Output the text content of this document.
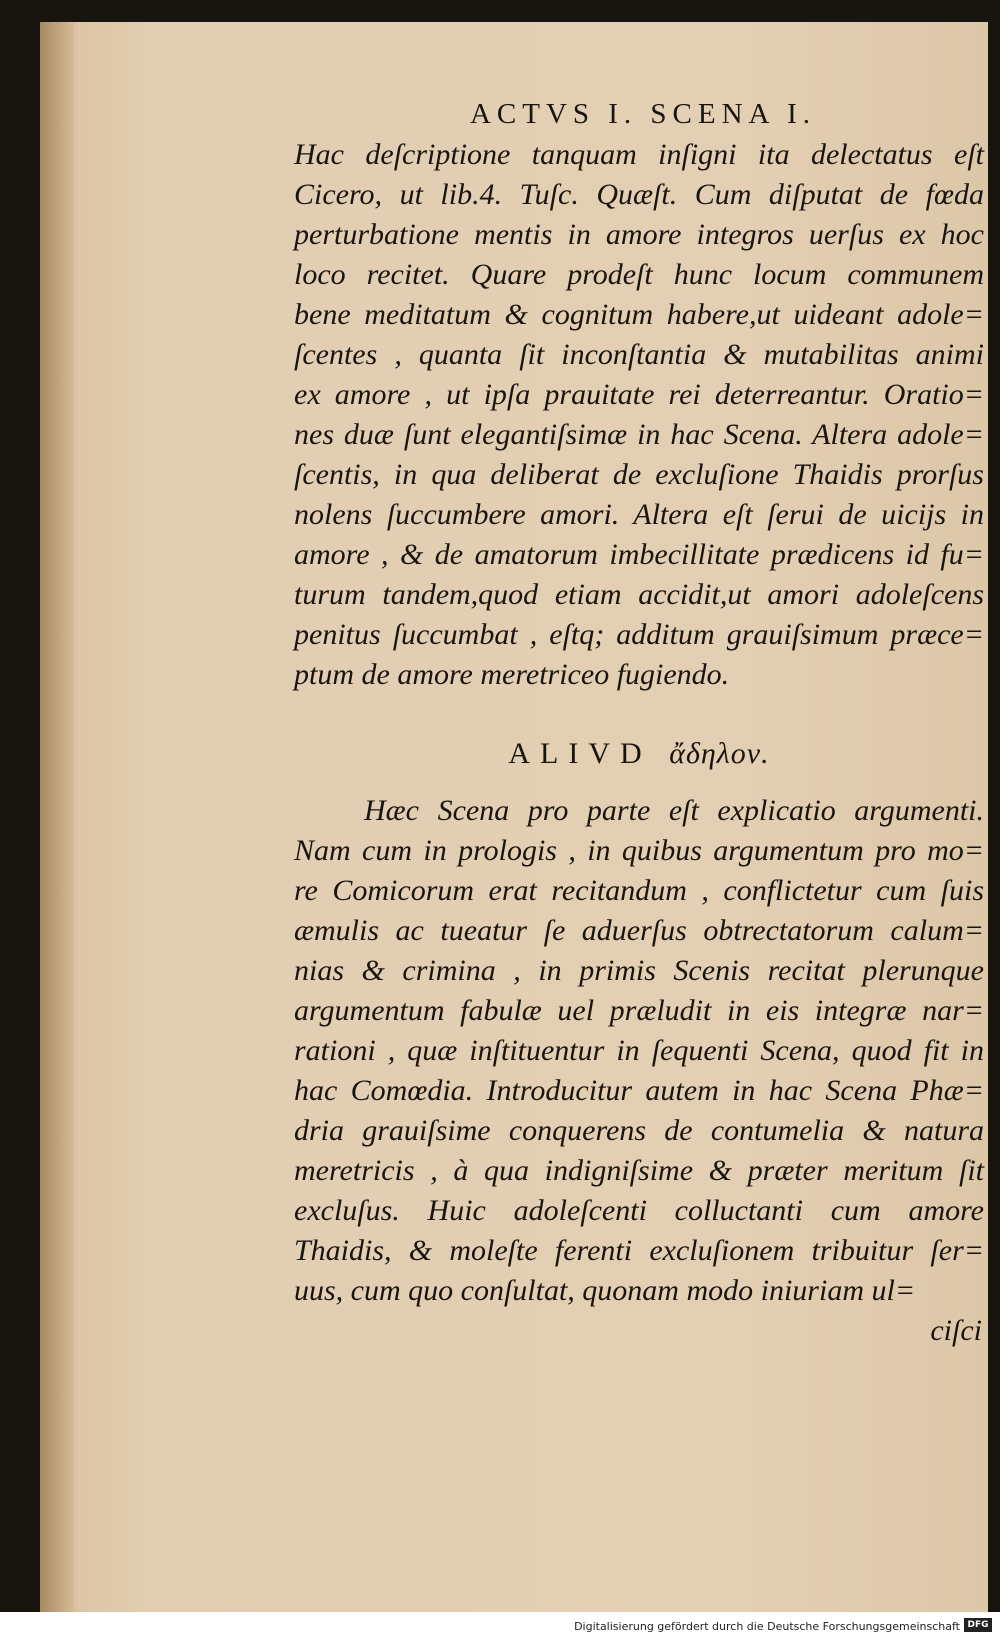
ACTVS I. SCENA I.
Hac deſcriptione tanquam inſigni ita delectatus eſt
Cicero, ut lib.4. Tuſc. Quæſt. Cum diſputat de fœda
perturbatione mentis in amore integros uerſus ex hoc
loco recitet. Quare prodeſt hunc locum communem
bene meditatum & cognitum habere,ut uideant adole=
ſcentes , quanta ſit inconſtantia & mutabilitas animi
ex amore , ut ipſa prauitate rei deterreantur. Oratio=
nes duæ ſunt elegantiſsimæ in hac Scena. Altera adole=
ſcentis, in qua deliberat de excluſione Thaidis prorſus
nolens ſuccumbere amori. Altera eſt ſerui de uicijs in
amore , & de amatorum imbecillitate prædicens id fu=
turum tandem,quod etiam accidit,ut amori adoleſcens
penitus ſuccumbat , eſtq; additum grauiſsimum præce=
ptum de amore meretriceo fugiendo.
ALIVD ἄδηλον.
Hæc Scena pro parte eſt explicatio argumenti.
Nam cum in prologis , in quibus argumentum pro mo=
re Comicorum erat recitandum , conflictetur cum ſuis
æmulis ac tueatur ſe aduerſus obtrectatorum calum=
nias & crimina , in primis Scenis recitat plerunque
argumentum fabulæ uel præludit in eis integræ nar=
rationi , quæ inſtituentur in ſequenti Scena, quod fit in
hac Comœdia. Introducitur autem in hac Scena Phæ=
dria grauiſsime conquerens de contumelia & natura
meretricis , à qua indigniſsime & præter meritum ſit
excluſus. Huic adoleſcenti colluctanti cum amore
Thaidis, & moleſte ferenti excluſionem tribuitur ſer=
uus, cum quo conſultat, quonam modo iniuriam ul=
ciſci
Digitalisierung gefördert durch die Deutsche Forschungsgemeinschaft DFG
